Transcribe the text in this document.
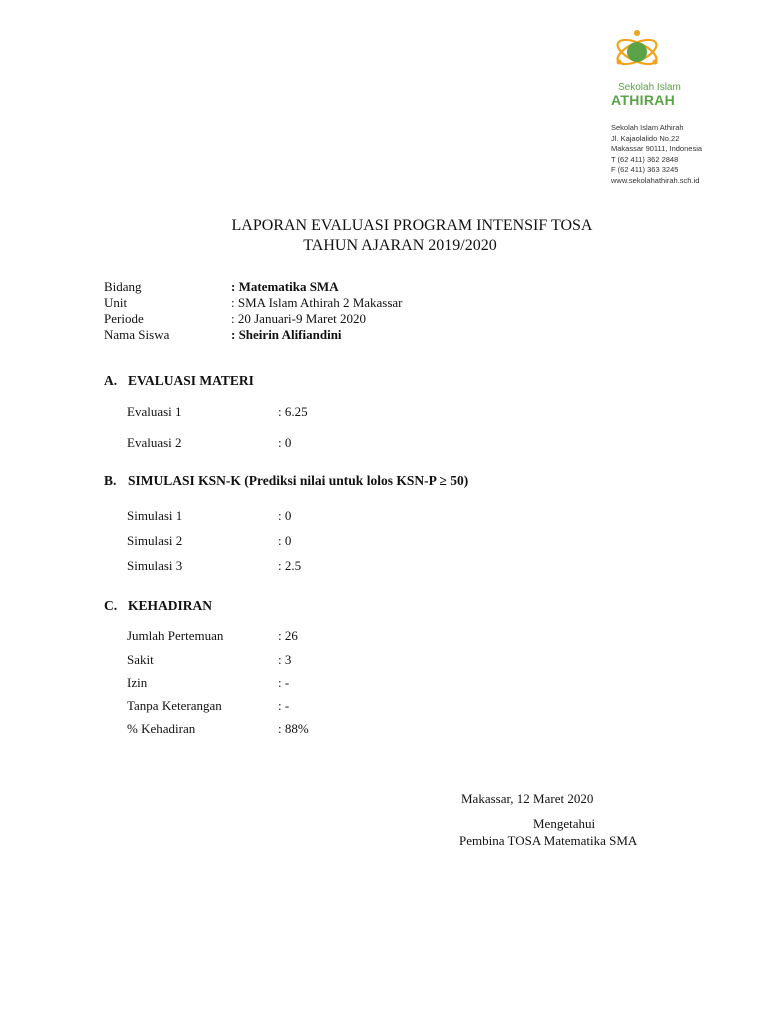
Sekolah Islam
ATHIRAH
Sekolah Islam Athirah
Jl. Kajaolalido No.22
Makassar 90111, Indonesia
T (62 411) 362 2848
F (62 411) 363 3245
www.sekolahathirah.sch.id
LAPORAN EVALUASI PROGRAM INTENSIF TOSA
TAHUN AJARAN 2019/2020
Bidang	: Matematika SMA
Unit	: SMA Islam Athirah 2 Makassar
Periode	: 20 Januari-9 Maret 2020
Nama Siswa	: Sheirin Alifiandini
A. EVALUASI MATERI
Evaluasi 1	: 6.25
Evaluasi 2	: 0
B. SIMULASI KSN-K (Prediksi nilai untuk lolos KSN-P ≥ 50)
Simulasi 1	: 0
Simulasi 2	: 0
Simulasi 3	: 2.5
C. KEHADIRAN
Jumlah Pertemuan	: 26
Sakit	: 3
Izin	: -
Tanpa Keterangan	: -
% Kehadiran	: 88%
Makassar, 12 Maret 2020
Mengetahui
Pembina TOSA Matematika SMA
